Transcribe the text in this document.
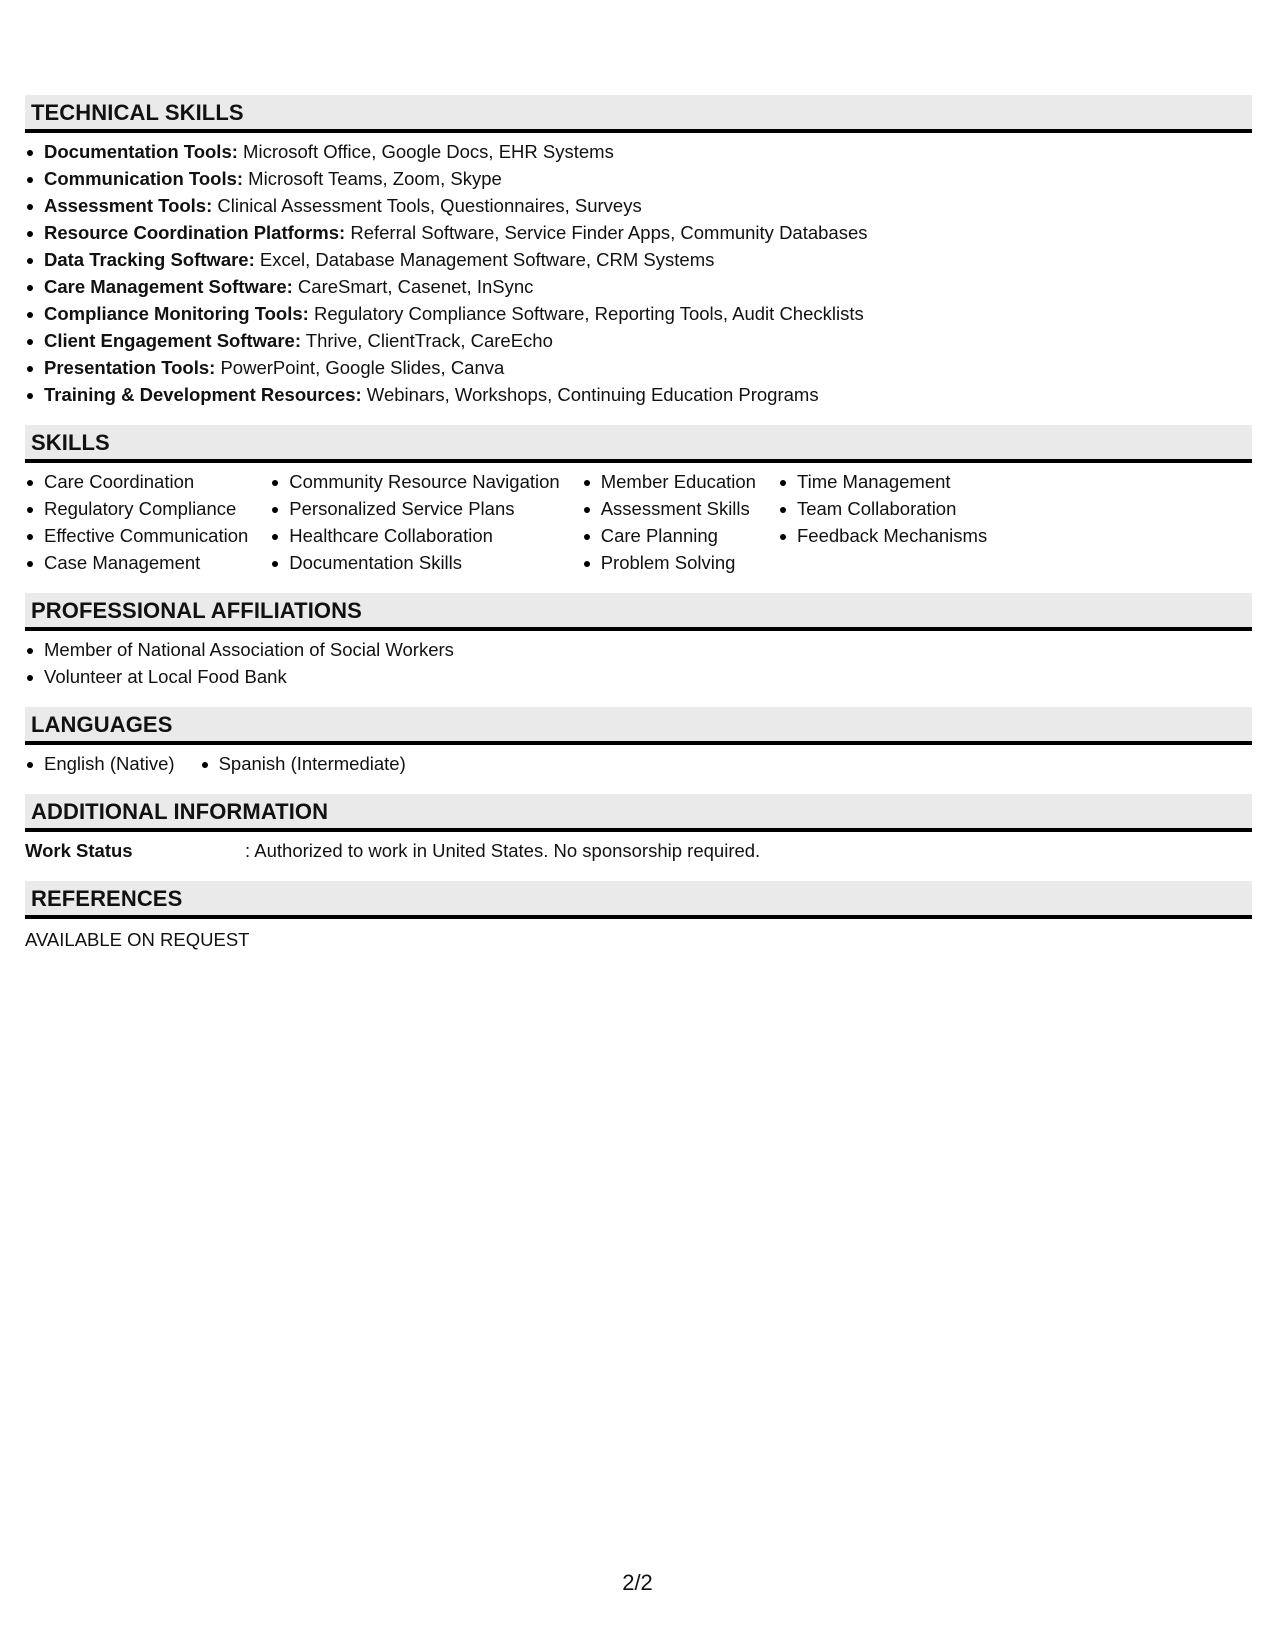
TECHNICAL SKILLS
Documentation Tools: Microsoft Office, Google Docs, EHR Systems
Communication Tools: Microsoft Teams, Zoom, Skype
Assessment Tools: Clinical Assessment Tools, Questionnaires, Surveys
Resource Coordination Platforms: Referral Software, Service Finder Apps, Community Databases
Data Tracking Software: Excel, Database Management Software, CRM Systems
Care Management Software: CareSmart, Casenet, InSync
Compliance Monitoring Tools: Regulatory Compliance Software, Reporting Tools, Audit Checklists
Client Engagement Software: Thrive, ClientTrack, CareEcho
Presentation Tools: PowerPoint, Google Slides, Canva
Training & Development Resources: Webinars, Workshops, Continuing Education Programs
SKILLS
Care Coordination
Regulatory Compliance
Effective Communication
Case Management
Community Resource Navigation
Personalized Service Plans
Healthcare Collaboration
Documentation Skills
Member Education
Assessment Skills
Care Planning
Problem Solving
Time Management
Team Collaboration
Feedback Mechanisms
PROFESSIONAL AFFILIATIONS
Member of National Association of Social Workers
Volunteer at Local Food Bank
LANGUAGES
English (Native)	Spanish (Intermediate)
ADDITIONAL INFORMATION
Work Status	: Authorized to work in United States. No sponsorship required.
REFERENCES
AVAILABLE ON REQUEST
2/2
